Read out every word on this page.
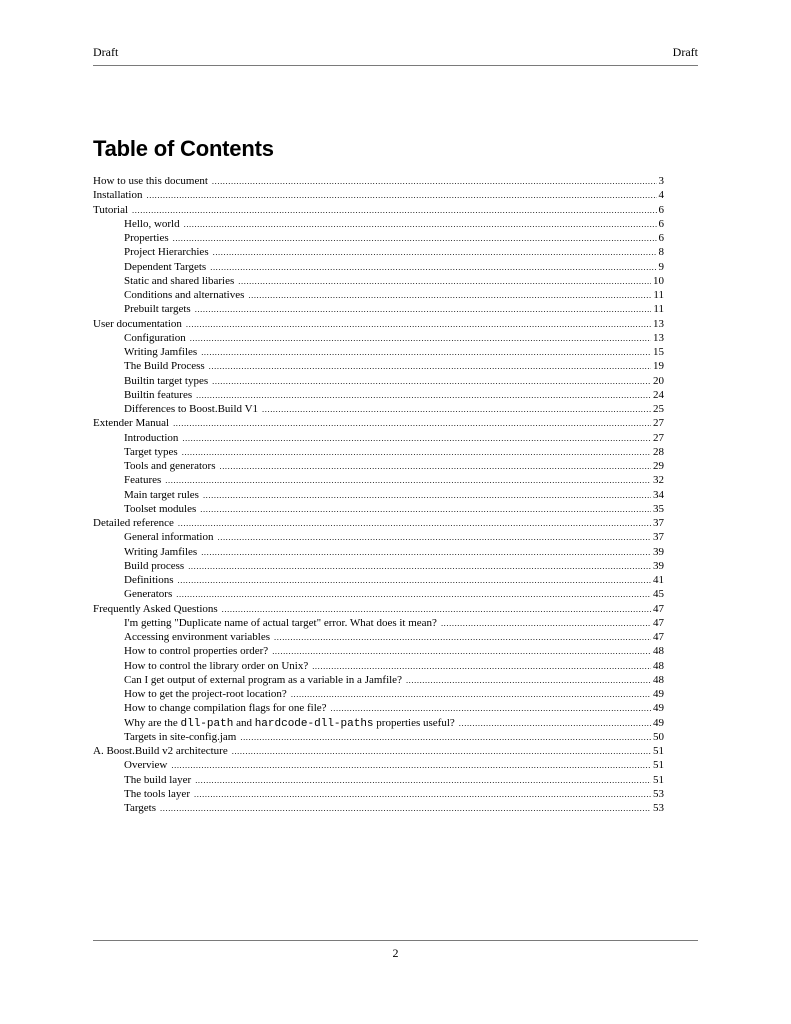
Draft	Draft
Table of Contents
How to use this document .....	3
Installation .....	4
Tutorial .....	6
Hello, world .....	6
Properties .....	6
Project Hierarchies .....	8
Dependent Targets .....	9
Static and shared libaries .....	10
Conditions and alternatives .....	11
Prebuilt targets .....	11
User documentation .....	13
Configuration .....	13
Writing Jamfiles .....	15
The Build Process .....	19
Builtin target types .....	20
Builtin features .....	24
Differences to Boost.Build V1 .....	25
Extender Manual .....	27
Introduction .....	27
Target types .....	28
Tools and generators .....	29
Features .....	32
Main target rules .....	34
Toolset modules .....	35
Detailed reference .....	37
General information .....	37
Writing Jamfiles .....	39
Build process .....	39
Definitions .....	41
Generators .....	45
Frequently Asked Questions .....	47
I'm getting "Duplicate name of actual target" error. What does it mean? .....	47
Accessing environment variables .....	47
How to control properties order? .....	48
How to control the library order on Unix? .....	48
Can I get output of external program as a variable in a Jamfile? .....	48
How to get the project-root location? .....	49
How to change compilation flags for one file? .....	49
Why are the dll-path and hardcode-dll-paths properties useful? .....	49
Targets in site-config.jam .....	50
A. Boost.Build v2 architecture .....	51
Overview .....	51
The build layer .....	51
The tools layer .....	53
Targets .....	53
2
